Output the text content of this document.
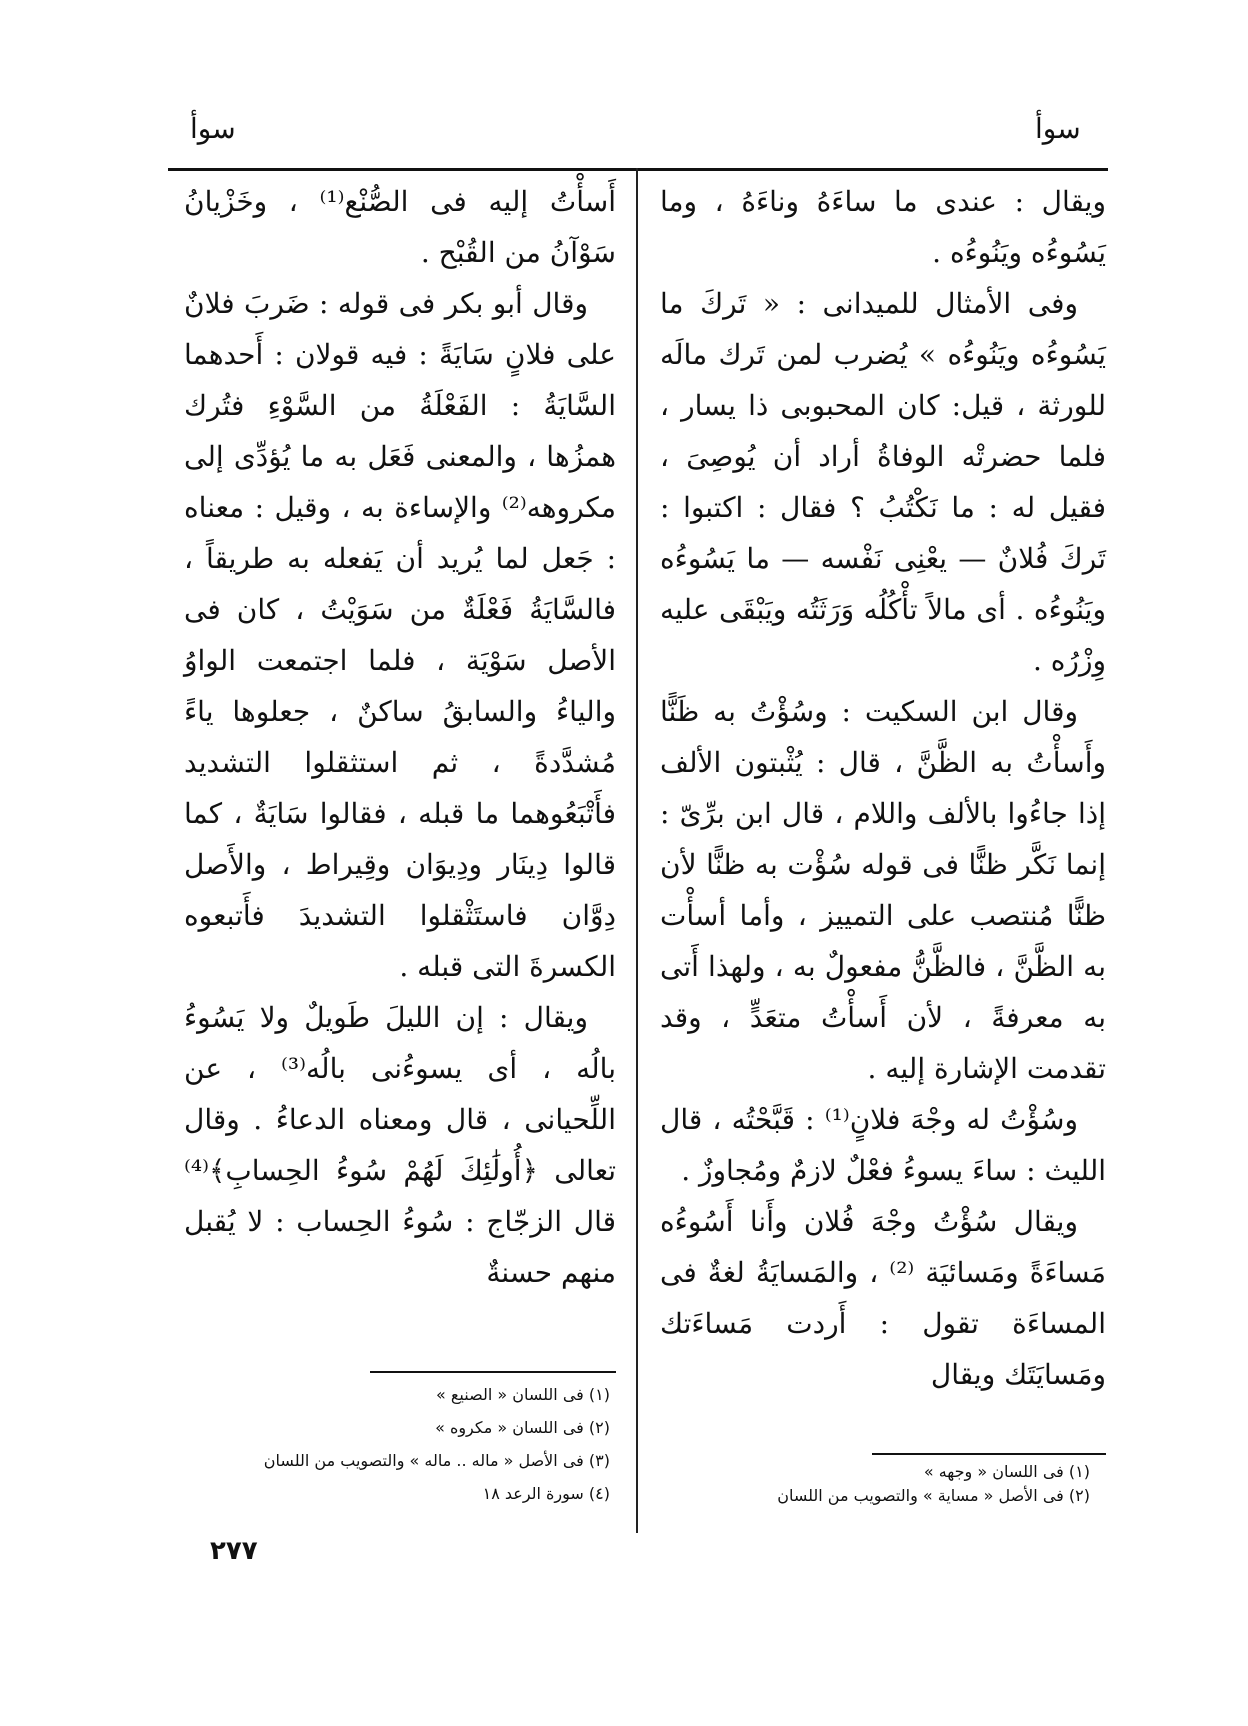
سوأ
سوأ

ويقال : عندى ما ساءَهُ وناءَهُ ، وما يَسُوءُه ويَنُوءُه .

وفى الأمثال للميدانى : « تَركَ ما يَسُوءُه ويَنُوءُه » يُضرب لمن تَرك مالَه للورثة ، قيل: كان المحبوبى ذا يسار ، فلما حضرتْه الوفاةُ أراد أن يُوصِىَ ، فقيل له : ما نَكْتُبُ ؟ فقال : اكتبوا : تَركَ فُلانٌ — يعْنِى نَفْسه — ما يَسُوءُه ويَنُوءُه . أى مالاً تأْكُلُه وَرَثَتُه ويَبْقَى عليه وِزْرُه .

وقال ابن السكيت : وسُؤْتُ به ظَنًّا وأَسأْتُ به الظَّنَّ ، قال : يُثْبتون الألف إذا جاءُوا بالألف واللام ، قال ابن برِّىّ : إنما نَكَّر ظنًّا فى قوله سُؤْت به ظنًّا لأن ظنًّا مُنتصب على التمييز ، وأما أسأْت به الظَّنَّ ، فالظَّنُّ مفعولٌ به ، ولهذا أَتى به معرفةً ، لأن أَسأْتُ متعَدٍّ ، وقد تقدمت الإشارة إليه .

وسُؤْتُ له وجْهَ فلانٍ⁽¹⁾ : قَبَّحْتُه ، قال الليث : ساءَ يسوءُ فعْلٌ لازمٌ ومُجاوزٌ .

ويقال سُؤْتُ وجْهَ فُلان وأَنا أَسُوءُه مَساءَةً ومَسائيَة ⁽²⁾ ، والمَسايَةُ لغةٌ فى المساءَة تقول : أَردت مَساءَتك ومَسايَتَك ويقال

أَسأْتُ إليه فى الصُّنْع⁽¹⁾ ، وخَزْيانُ سَوْآنُ من القُبْح .

وقال أبو بكر فى قوله : ضَربَ فلانٌ على فلانٍ سَايَةً : فيه قولان : أَحدهما السَّايَةُ : الفَعْلَةُ من السَّوْءِ فتُرك همزُها ، والمعنى فَعَل به ما يُؤدِّى إلى مكروهه⁽²⁾ والإساءة به ، وقيل : معناه : جَعل لما يُريد أن يَفعله به طريقاً ، فالسَّايَةُ فَعْلَةٌ من سَوَيْتُ ، كان فى الأصل سَوْيَة ، فلما اجتمعت الواوُ والياءُ والسابقُ ساكنٌ ، جعلوها ياءً مُشدَّدةً ، ثم استثقلوا التشديد فأَتْبَعُوهما ما قبله ، فقالوا سَايَةٌ ، كما قالوا دِينَار ودِيوَان وقِيراط ، والأَصل دِوَّان فاستَثْقلوا التشديدَ فأَتبعوه الكسرةَ التى قبله .

ويقال : إن الليلَ طَويلٌ ولا يَسُوءُ بالُه ، أى يسوءُنى بالُه⁽³⁾ ، عن اللِّحيانى ، قال ومعناه الدعاءُ . وقال تعالى ﴿أُولَٰئِكَ لَهُمْ سُوءُ الحِسابِ﴾⁽⁴⁾ قال الزجّاج : سُوءُ الحِساب : لا يُقبل منهم حسنةٌ

(١) فى اللسان « الصنيع »
(٢) فى اللسان « مكروه »
(٣) فى الأصل « ماله .. ماله » والتصويب من اللسان
(٤) سورة الرعد ١٨
(١) فى اللسان « وجهه »
(٢) فى الأصل « مساية » والتصويب من اللسان
٢٧٧
